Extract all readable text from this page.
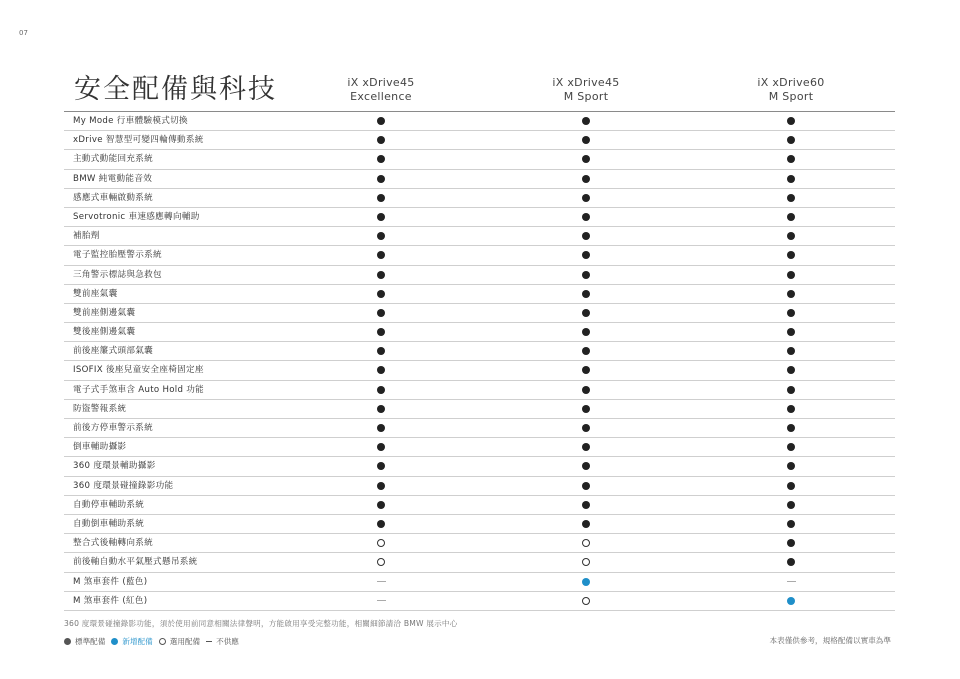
07
安全配備與科技	iX xDrive45
Excellence
iX xDrive45
M Sport
iX xDrive60
M Sport
My Mode 行車體驗模式切換
xDrive 智慧型可變四輪傳動系統
主動式動能回充系統
BMW 純電動能音效
感應式車輛啟動系統
Servotronic 車速感應轉向輔助
補胎劑
電子監控胎壓警示系統
三角警示標誌與急救包
雙前座氣囊
雙前座側邊氣囊
雙後座側邊氣囊
前後座簾式頭部氣囊
ISOFIX 後座兒童安全座椅固定座
電子式手煞車含 Auto Hold 功能
防盜警報系統
前後方停車警示系統
倒車輔助攝影
360 度環景輔助攝影
360 度環景碰撞錄影功能
自動停車輔助系統
自動倒車輔助系統
整合式後軸轉向系統
前後軸自動水平氣壓式懸吊系統
M 煞車套件 (藍色)
M 煞車套件 (紅色)
360 度環景碰撞錄影功能，須於使用前同意相關法律聲明，方能啟用享受完整功能，相關細節請洽 BMW 展示中心
標準配備 新增配備 選用配備 不供應	本表僅供參考，規格配備以實車為準
